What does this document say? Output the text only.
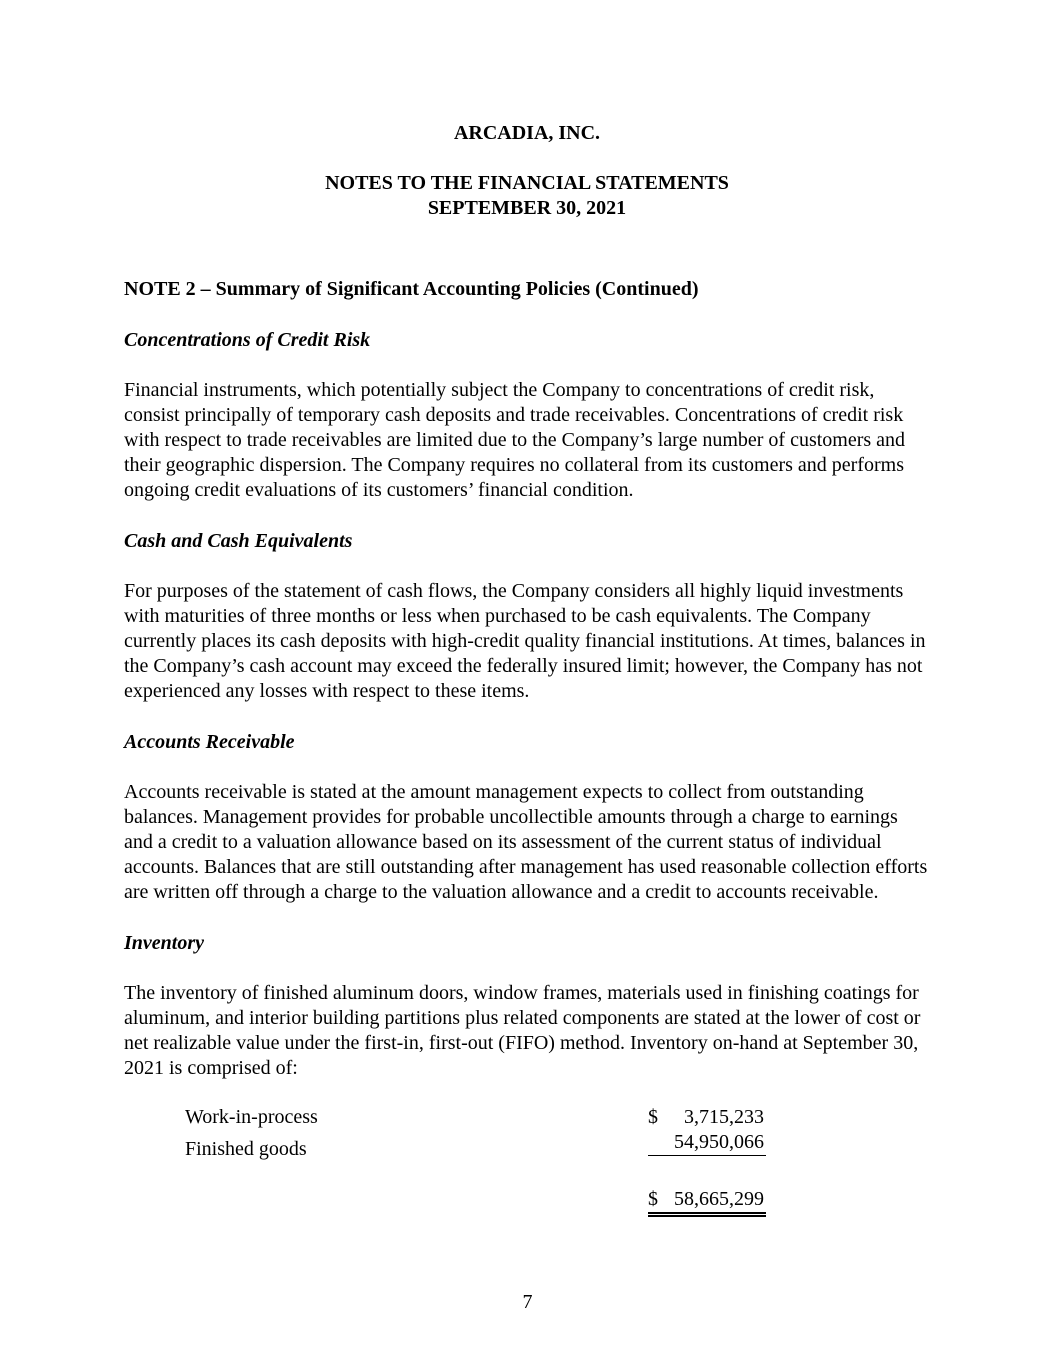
ARCADIA, INC.
NOTES TO THE FINANCIAL STATEMENTS
SEPTEMBER 30, 2021
NOTE 2 – Summary of Significant Accounting Policies (Continued)
Concentrations of Credit Risk

Financial instruments, which potentially subject the Company to concentrations of credit risk, consist principally of temporary cash deposits and trade receivables. Concentrations of credit risk with respect to trade receivables are limited due to the Company’s large number of customers and their geographic dispersion. The Company requires no collateral from its customers and performs ongoing credit evaluations of its customers’ financial condition.

Cash and Cash Equivalents

For purposes of the statement of cash flows, the Company considers all highly liquid investments with maturities of three months or less when purchased to be cash equivalents. The Company currently places its cash deposits with high-credit quality financial institutions. At times, balances in the Company’s cash account may exceed the federally insured limit; however, the Company has not experienced any losses with respect to these items.

Accounts Receivable

Accounts receivable is stated at the amount management expects to collect from outstanding balances. Management provides for probable uncollectible amounts through a charge to earnings and a credit to a valuation allowance based on its assessment of the current status of individual accounts. Balances that are still outstanding after management has used reasonable collection efforts are written off through a charge to the valuation allowance and a credit to accounts receivable.

Inventory

The inventory of finished aluminum doors, window frames, materials used in finishing coatings for aluminum, and interior building partitions plus related components are stated at the lower of cost or net realizable value under the first-in, first-out (FIFO) method. Inventory on-hand at September 30, 2021 is comprised of:

Work-in-process	$ 3,715,233
Finished goods	54,950,066
$ 58,665,299
7
